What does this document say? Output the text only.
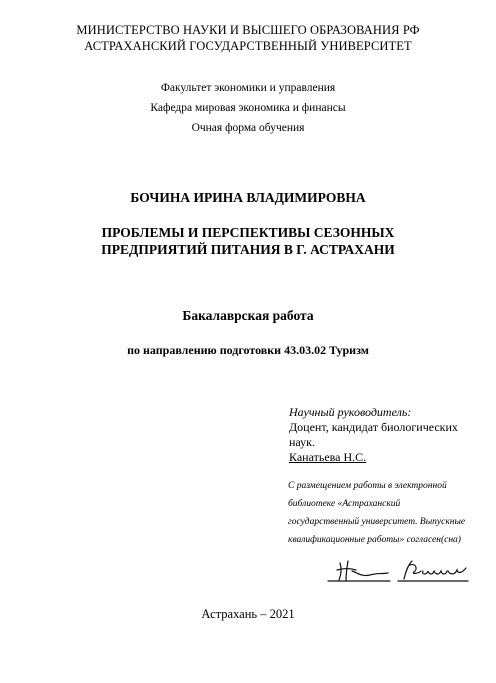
МИНИСТЕРСТВО НАУКИ И ВЫСШЕГО ОБРАЗОВАНИЯ РФ
АСТРАХАНСКИЙ ГОСУДАРСТВЕННЫЙ УНИВЕРСИТЕТ
Факультет экономики и управления
Кафедра мировая экономика и финансы
Очная форма обучения
БОЧИНА ИРИНА ВЛАДИМИРОВНА
ПРОБЛЕМЫ И ПЕРСПЕКТИВЫ СЕЗОННЫХ
ПРЕДПРИЯТИЙ ПИТАНИЯ В Г. АСТРАХАНИ
Бакалаврская работа
по направлению подготовки 43.03.02 Туризм
Научный руководитель:
Доцент, кандидат биологических
наук.
Канатьева Н.С.
С размещением работы в электронной
библиотеке «Астраханский
государственный университет. Выпускные
квалификационные работы» согласен(сна)
Астрахань – 2021
